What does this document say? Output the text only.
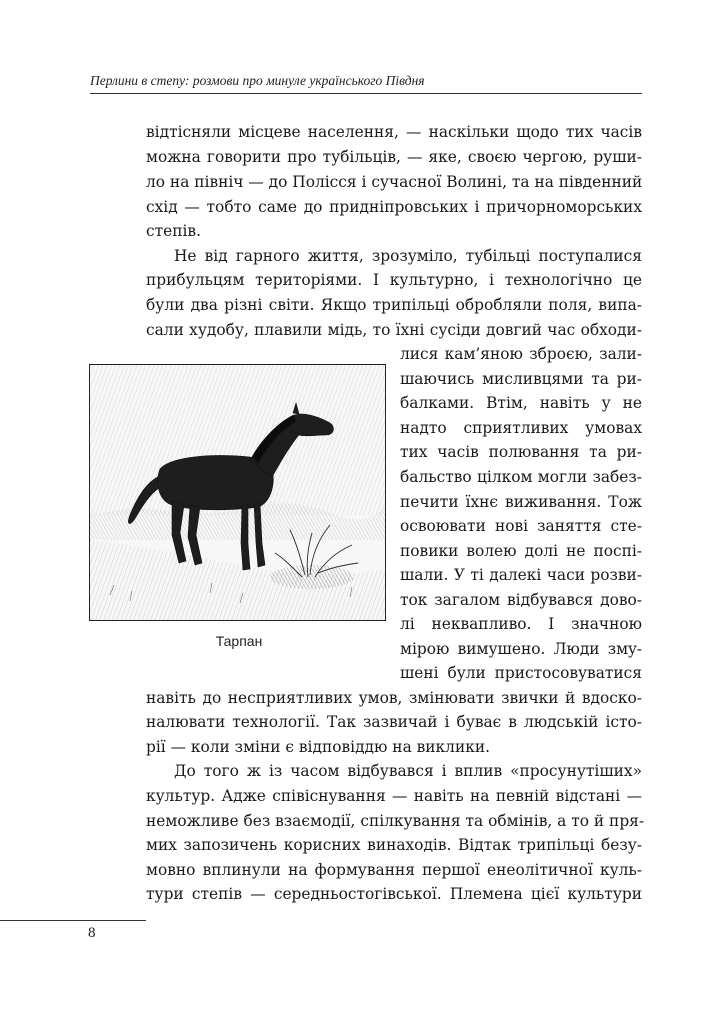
Перлини в степу: розмови про минуле українського Півдня
відтісняли місцеве населення, — наскільки щодо тих часів
можна говорити про тубільців, — яке, своєю чергою, руши-
ло на північ — до Полісся і сучасної Волині, та на південний
схід — тобто саме до придніпровських і причорноморських
степів.
Не від гарного життя, зрозуміло, тубільці поступалися
прибульцям територіями. І культурно, і технологічно це
були два різні світи. Якщо трипільці обробляли поля, випа-
сали худобу, плавили мідь, то їхні сусіди довгий час обходи-
лися кам’яною зброєю, зали-
шаючись мисливцями та ри-
балками. Втім, навіть у не
надто сприятливих умовах
тих часів полювання та ри-
бальство цілком могли забез-
печити їхнє виживання. Тож
освоювати нові заняття сте-
повики волею долі не поспі-
шали. У ті далекі часи розви-
ток загалом відбувався дово-
лі неквапливо. І значною
мірою вимушено. Люди змy-
шені були пристосовуватися
навіть до несприятливих умов, змінювати звички й вдоско-
налювати технології. Так зазвичай і буває в людській істо-
рії — коли зміни є відповіддю на виклики.
До того ж із часом відбувався і вплив «просунутіших»
культур. Адже співіснування — навіть на певній відстані —
неможливе без взаємодії, спілкування та обмінів, а то й пря-
мих запозичень корисних винаходів. Відтак трипільці безу-
мовно вплинули на формування першої енеолітичної куль-
тури степів — середньостогівської. Племена цієї культури
Тарпан
8
